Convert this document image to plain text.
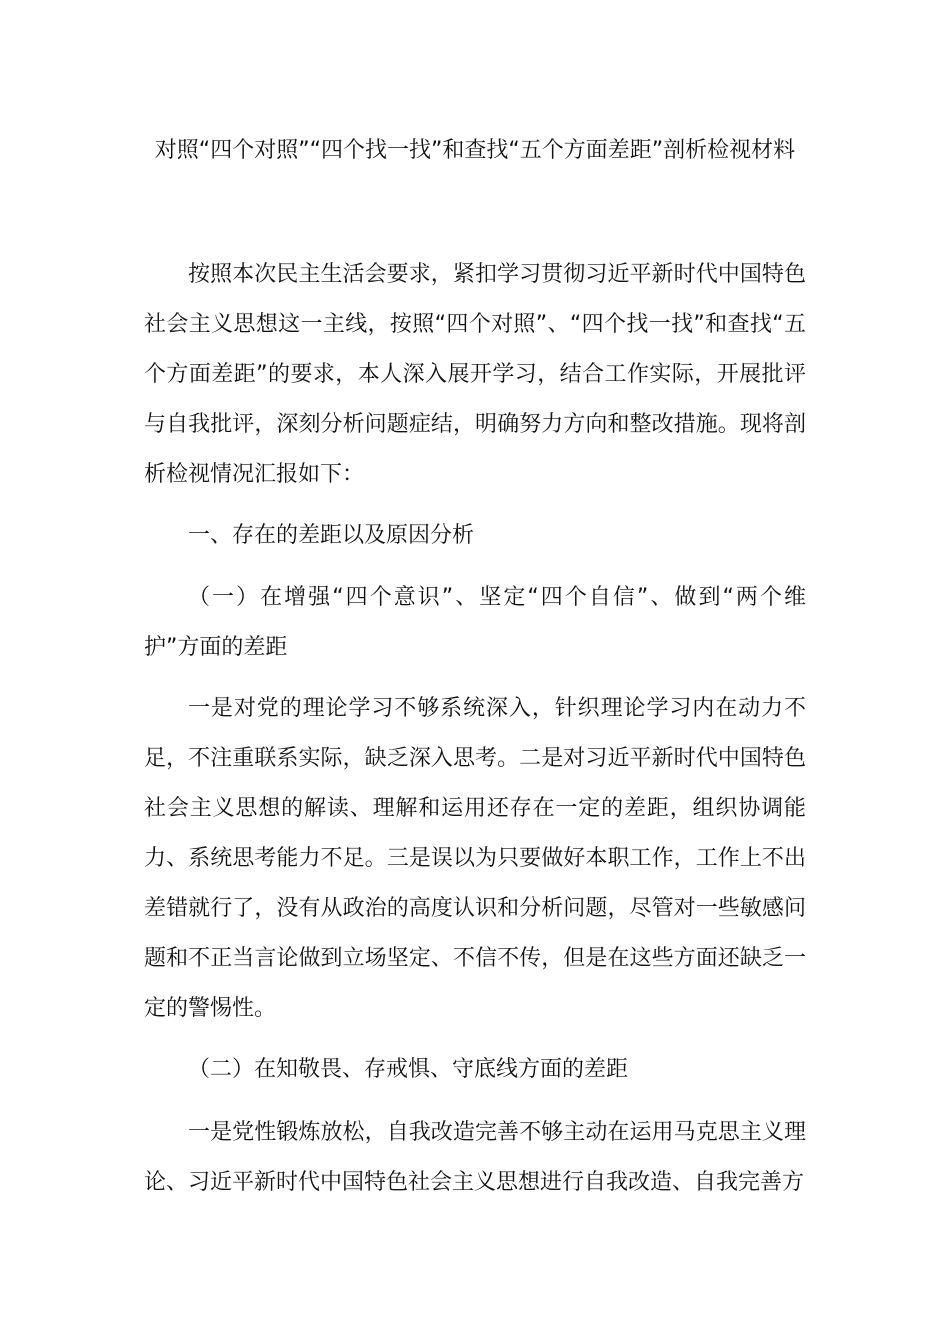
对照“四个对照”“四个找一找”和查找“五个方面差距”剖析检视材料

按照本次民主生活会要求，紧扣学习贯彻习近平新时代中国特色社会主义思想这一主线，按照“四个对照”、“四个找一找”和查找“五个方面差距”的要求，本人深入展开学习，结合工作实际，开展批评与自我批评，深刻分析问题症结，明确努力方向和整改措施。现将剖析检视情况汇报如下：

一、存在的差距以及原因分析

（一）在增强“四个意识”、坚定“四个自信”、做到“两个维护”方面的差距

一是对党的理论学习不够系统深入，针织理论学习内在动力不足，不注重联系实际，缺乏深入思考。二是对习近平新时代中国特色社会主义思想的解读、理解和运用还存在一定的差距，组织协调能力、系统思考能力不足。三是误以为只要做好本职工作，工作上不出差错就行了，没有从政治的高度认识和分析问题，尽管对一些敏感问题和不正当言论做到立场坚定、不信不传，但是在这些方面还缺乏一定的警惕性。

（二）在知敬畏、存戒惧、守底线方面的差距

一是党性锻炼放松，自我改造完善不够主动在运用马克思主义理论、习近平新时代中国特色社会主义思想进行自我改造、自我完善方
